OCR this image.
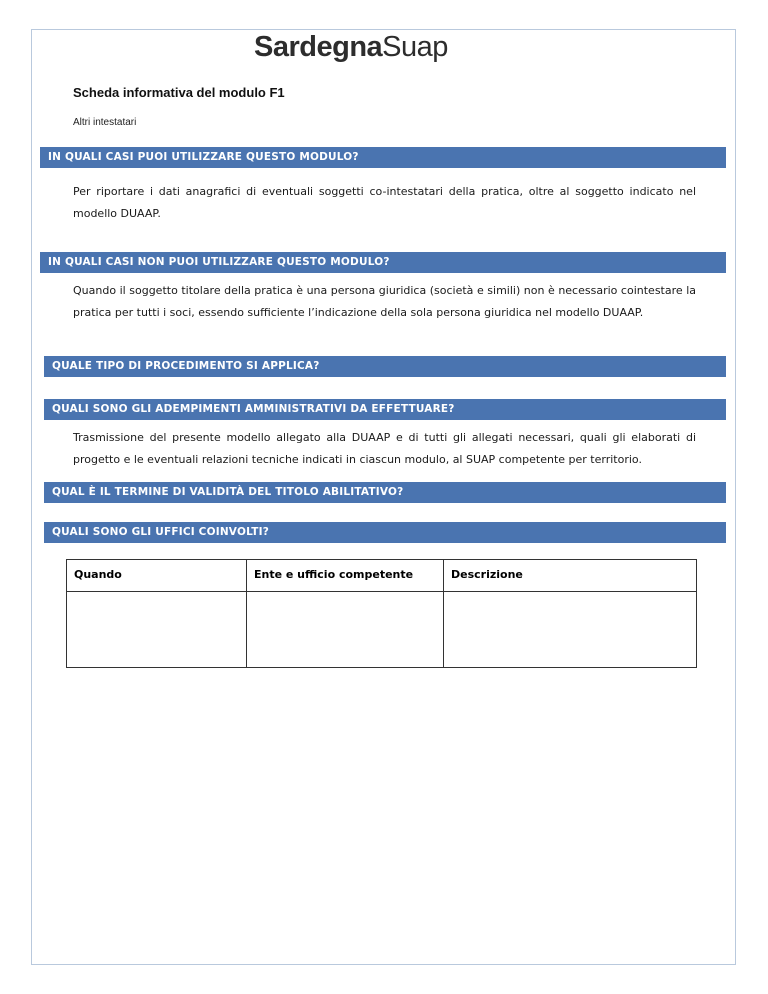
SardegnaSuap
Scheda informativa del modulo F1
Altri intestatari
IN QUALI CASI PUOI UTILIZZARE QUESTO MODULO?
Per riportare i dati anagrafici di eventuali soggetti co-intestatari della pratica, oltre al soggetto indicato nel modello DUAAP.
IN QUALI CASI NON PUOI UTILIZZARE QUESTO MODULO?
Quando il soggetto titolare della pratica è una persona giuridica (società e simili) non è necessario cointestare la pratica per tutti i soci, essendo sufficiente l’indicazione della sola persona giuridica nel modello DUAAP.
QUALE TIPO DI PROCEDIMENTO SI APPLICA?
QUALI SONO GLI ADEMPIMENTI AMMINISTRATIVI DA EFFETTUARE?
Trasmissione del presente modello allegato alla DUAAP e di tutti gli allegati necessari, quali gli elaborati di progetto e le eventuali relazioni tecniche indicati in ciascun modulo, al SUAP competente per territorio.
QUAL È IL TERMINE DI VALIDITÀ DEL TITOLO ABILITATIVO?
QUALI SONO GLI UFFICI COINVOLTI?
Quando	Ente e ufficio competente	Descrizione
